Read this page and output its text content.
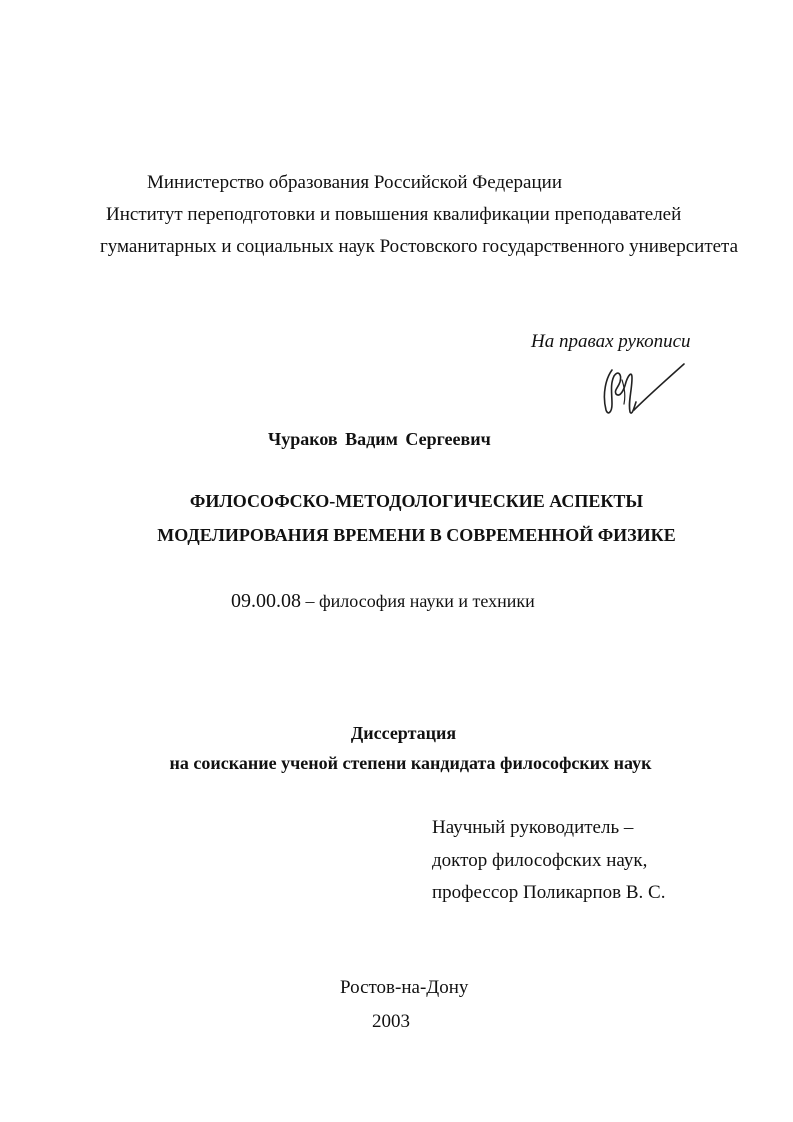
Министерство образования Российской Федерации
Институт переподготовки и повышения квалификации преподавателей
гуманитарных и социальных наук Ростовского государственного университета
На правах рукописи
Чураков Вадим Сергеевич
ФИЛОСОФСКО-МЕТОДОЛОГИЧЕСКИЕ АСПЕКТЫ
МОДЕЛИРОВАНИЯ ВРЕМЕНИ В СОВРЕМЕННОЙ ФИЗИКЕ
09.00.08 – философия науки и техники
Диссертация
на соискание ученой степени кандидата философских наук
Научный руководитель –
доктор философских наук,
профессор Поликарпов В. С.
Ростов-на-Дону
2003
